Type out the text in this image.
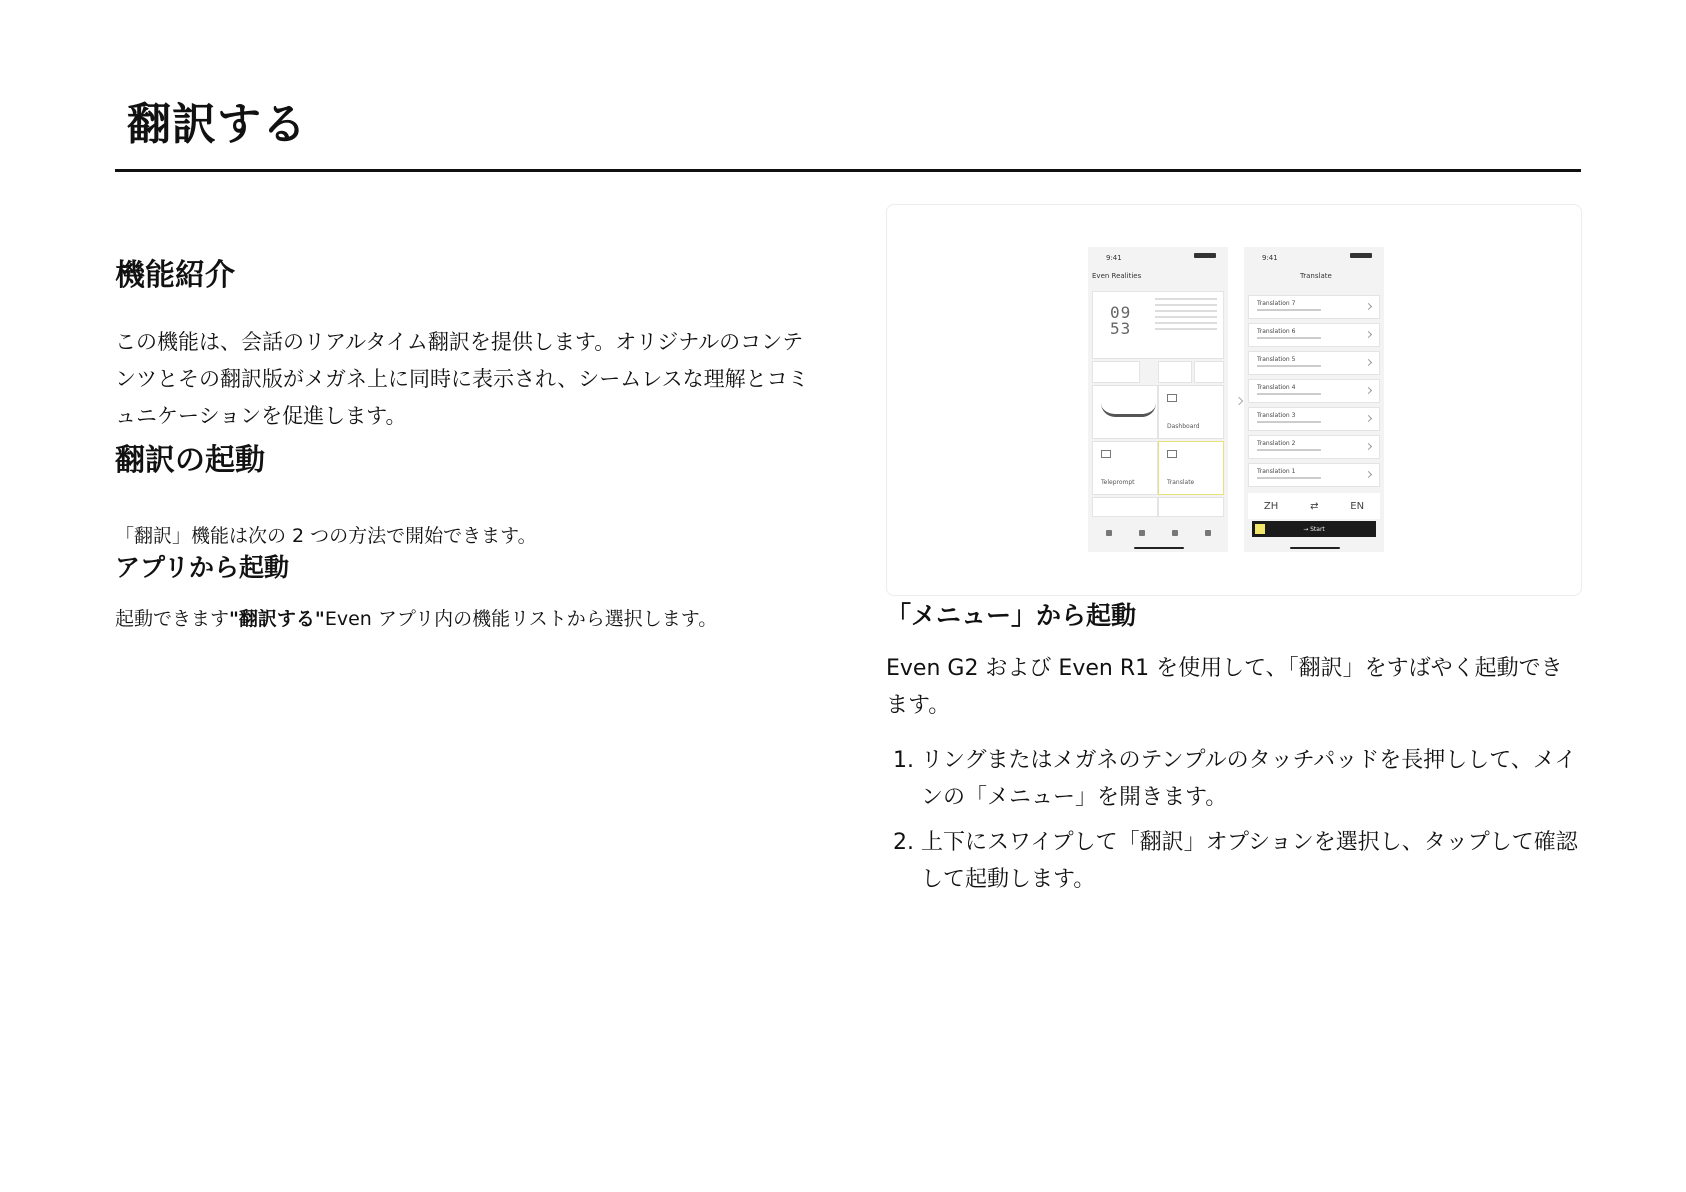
翻訳する
機能紹介

この機能は、会話のリアルタイム翻訳を提供します。オリジナルのコンテンツとその翻訳版がメガネ上に同時に表示され、シームレスな理解とコミュニケーションを促進します。

翻訳の起動

「翻訳」機能は次の 2 つの方法で開始できます。

アプリから起動

起動できます"翻訳する"Even アプリ内の機能リストから選択します。

9:41
Even Realities
09
53
Dashboard
Teleprompt	Translate
9:41
Translate
Translation 7
Translation 6
Translation 5
Translation 4
Translation 3
Translation 2
Translation 1
ZH	⇄	EN
→ Start
「メニュー」から起動

Even G2 および Even R1 を使用して、「翻訳」をすばやく起動できます。

1. リングまたはメガネのテンプルのタッチパッドを長押しして、メインの「メニュー」を開きます。
2. 上下にスワイプして「翻訳」オプションを選択し、タップして確認して起動します。
